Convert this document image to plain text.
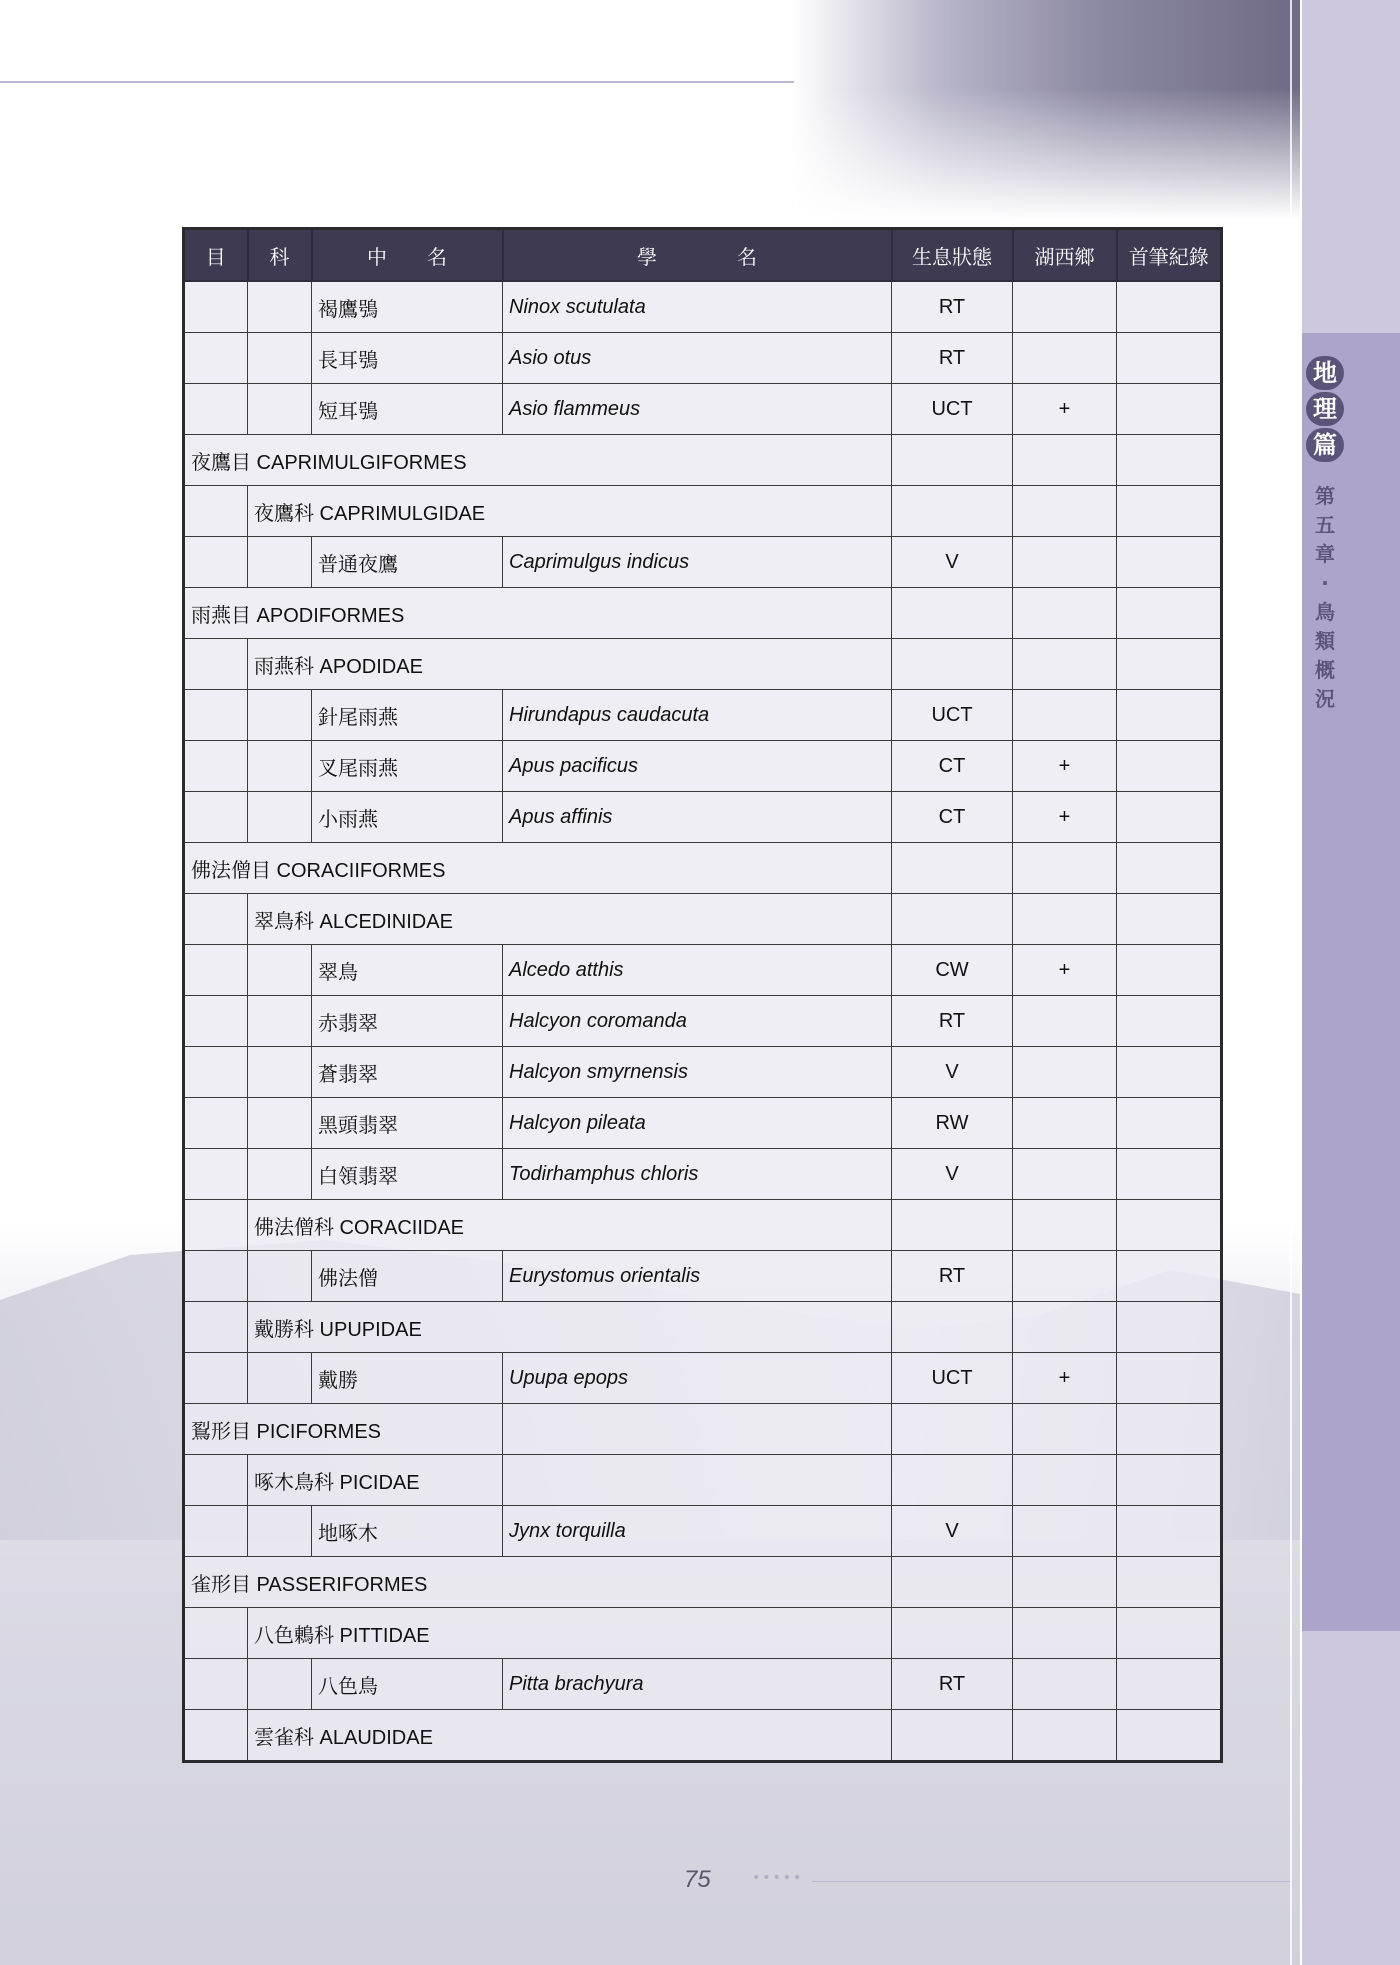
地
理
篇
第
五
章
·
鳥
類
概
況
目	科	中　　名	學　　　　名	生息狀態	湖西鄉	首筆紀錄
		褐鷹鴞	Ninox scutulata	RT		
		長耳鴞	Asio otus	RT		
		短耳鴞	Asio flammeus	UCT	+	
夜鷹目 CAPRIMULGIFORMES						
	夜鷹科 CAPRIMULGIDAE					
		普通夜鷹	Caprimulgus indicus	V		
雨燕目 APODIFORMES						
	雨燕科 APODIDAE					
		針尾雨燕	Hirundapus caudacuta	UCT		
		叉尾雨燕	Apus pacificus	CT	+	
		小雨燕	Apus affinis	CT	+	
佛法僧目 CORACIIFORMES						
	翠鳥科 ALCEDINIDAE					
		翠鳥	Alcedo atthis	CW	+	
		赤翡翠	Halcyon coromanda	RT		
		蒼翡翠	Halcyon smyrnensis	V		
		黑頭翡翠	Halcyon pileata	RW		
		白領翡翠	Todirhamphus chloris	V		
	佛法僧科 CORACIIDAE					
		佛法僧	Eurystomus orientalis	RT		
	戴勝科 UPUPIDAE					
		戴勝	Upupa epops	UCT	+	
鴷形目 PICIFORMES						
	啄木鳥科 PICIDAE					
		地啄木	Jynx torquilla	V		
雀形目 PASSERIFORMES						
	八色鶇科 PITTIDAE					
		八色鳥	Pitta brachyura	RT		
	雲雀科 ALAUDIDAE					
75	•••••
